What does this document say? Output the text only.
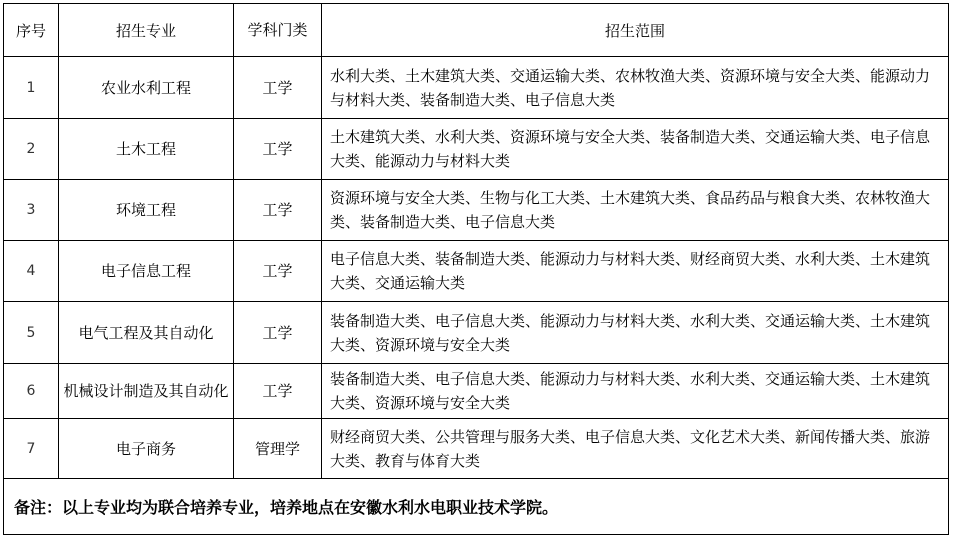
序号	招生专业	学科门类	招生范围
1	农业水利工程	工学	水利大类、土木建筑大类、交通运输大类、农林牧渔大类、资源环境与安全大类、能源动力与材料大类、装备制造大类、电子信息大类
2	土木工程	工学	土木建筑大类、水利大类、资源环境与安全大类、装备制造大类、交通运输大类、电子信息大类、能源动力与材料大类
3	环境工程	工学	资源环境与安全大类、生物与化工大类、土木建筑大类、食品药品与粮食大类、农林牧渔大类、装备制造大类、电子信息大类
4	电子信息工程	工学	电子信息大类、装备制造大类、能源动力与材料大类、财经商贸大类、水利大类、土木建筑大类、交通运输大类
5	电气工程及其自动化	工学	装备制造大类、电子信息大类、能源动力与材料大类、水利大类、交通运输大类、土木建筑大类、资源环境与安全大类
6	机械设计制造及其自动化	工学	装备制造大类、电子信息大类、能源动力与材料大类、水利大类、交通运输大类、土木建筑大类、资源环境与安全大类
7	电子商务	管理学	财经商贸大类、公共管理与服务大类、电子信息大类、文化艺术大类、新闻传播大类、旅游大类、教育与体育大类
备注：以上专业均为联合培养专业，培养地点在安徽水利水电职业技术学院。			
